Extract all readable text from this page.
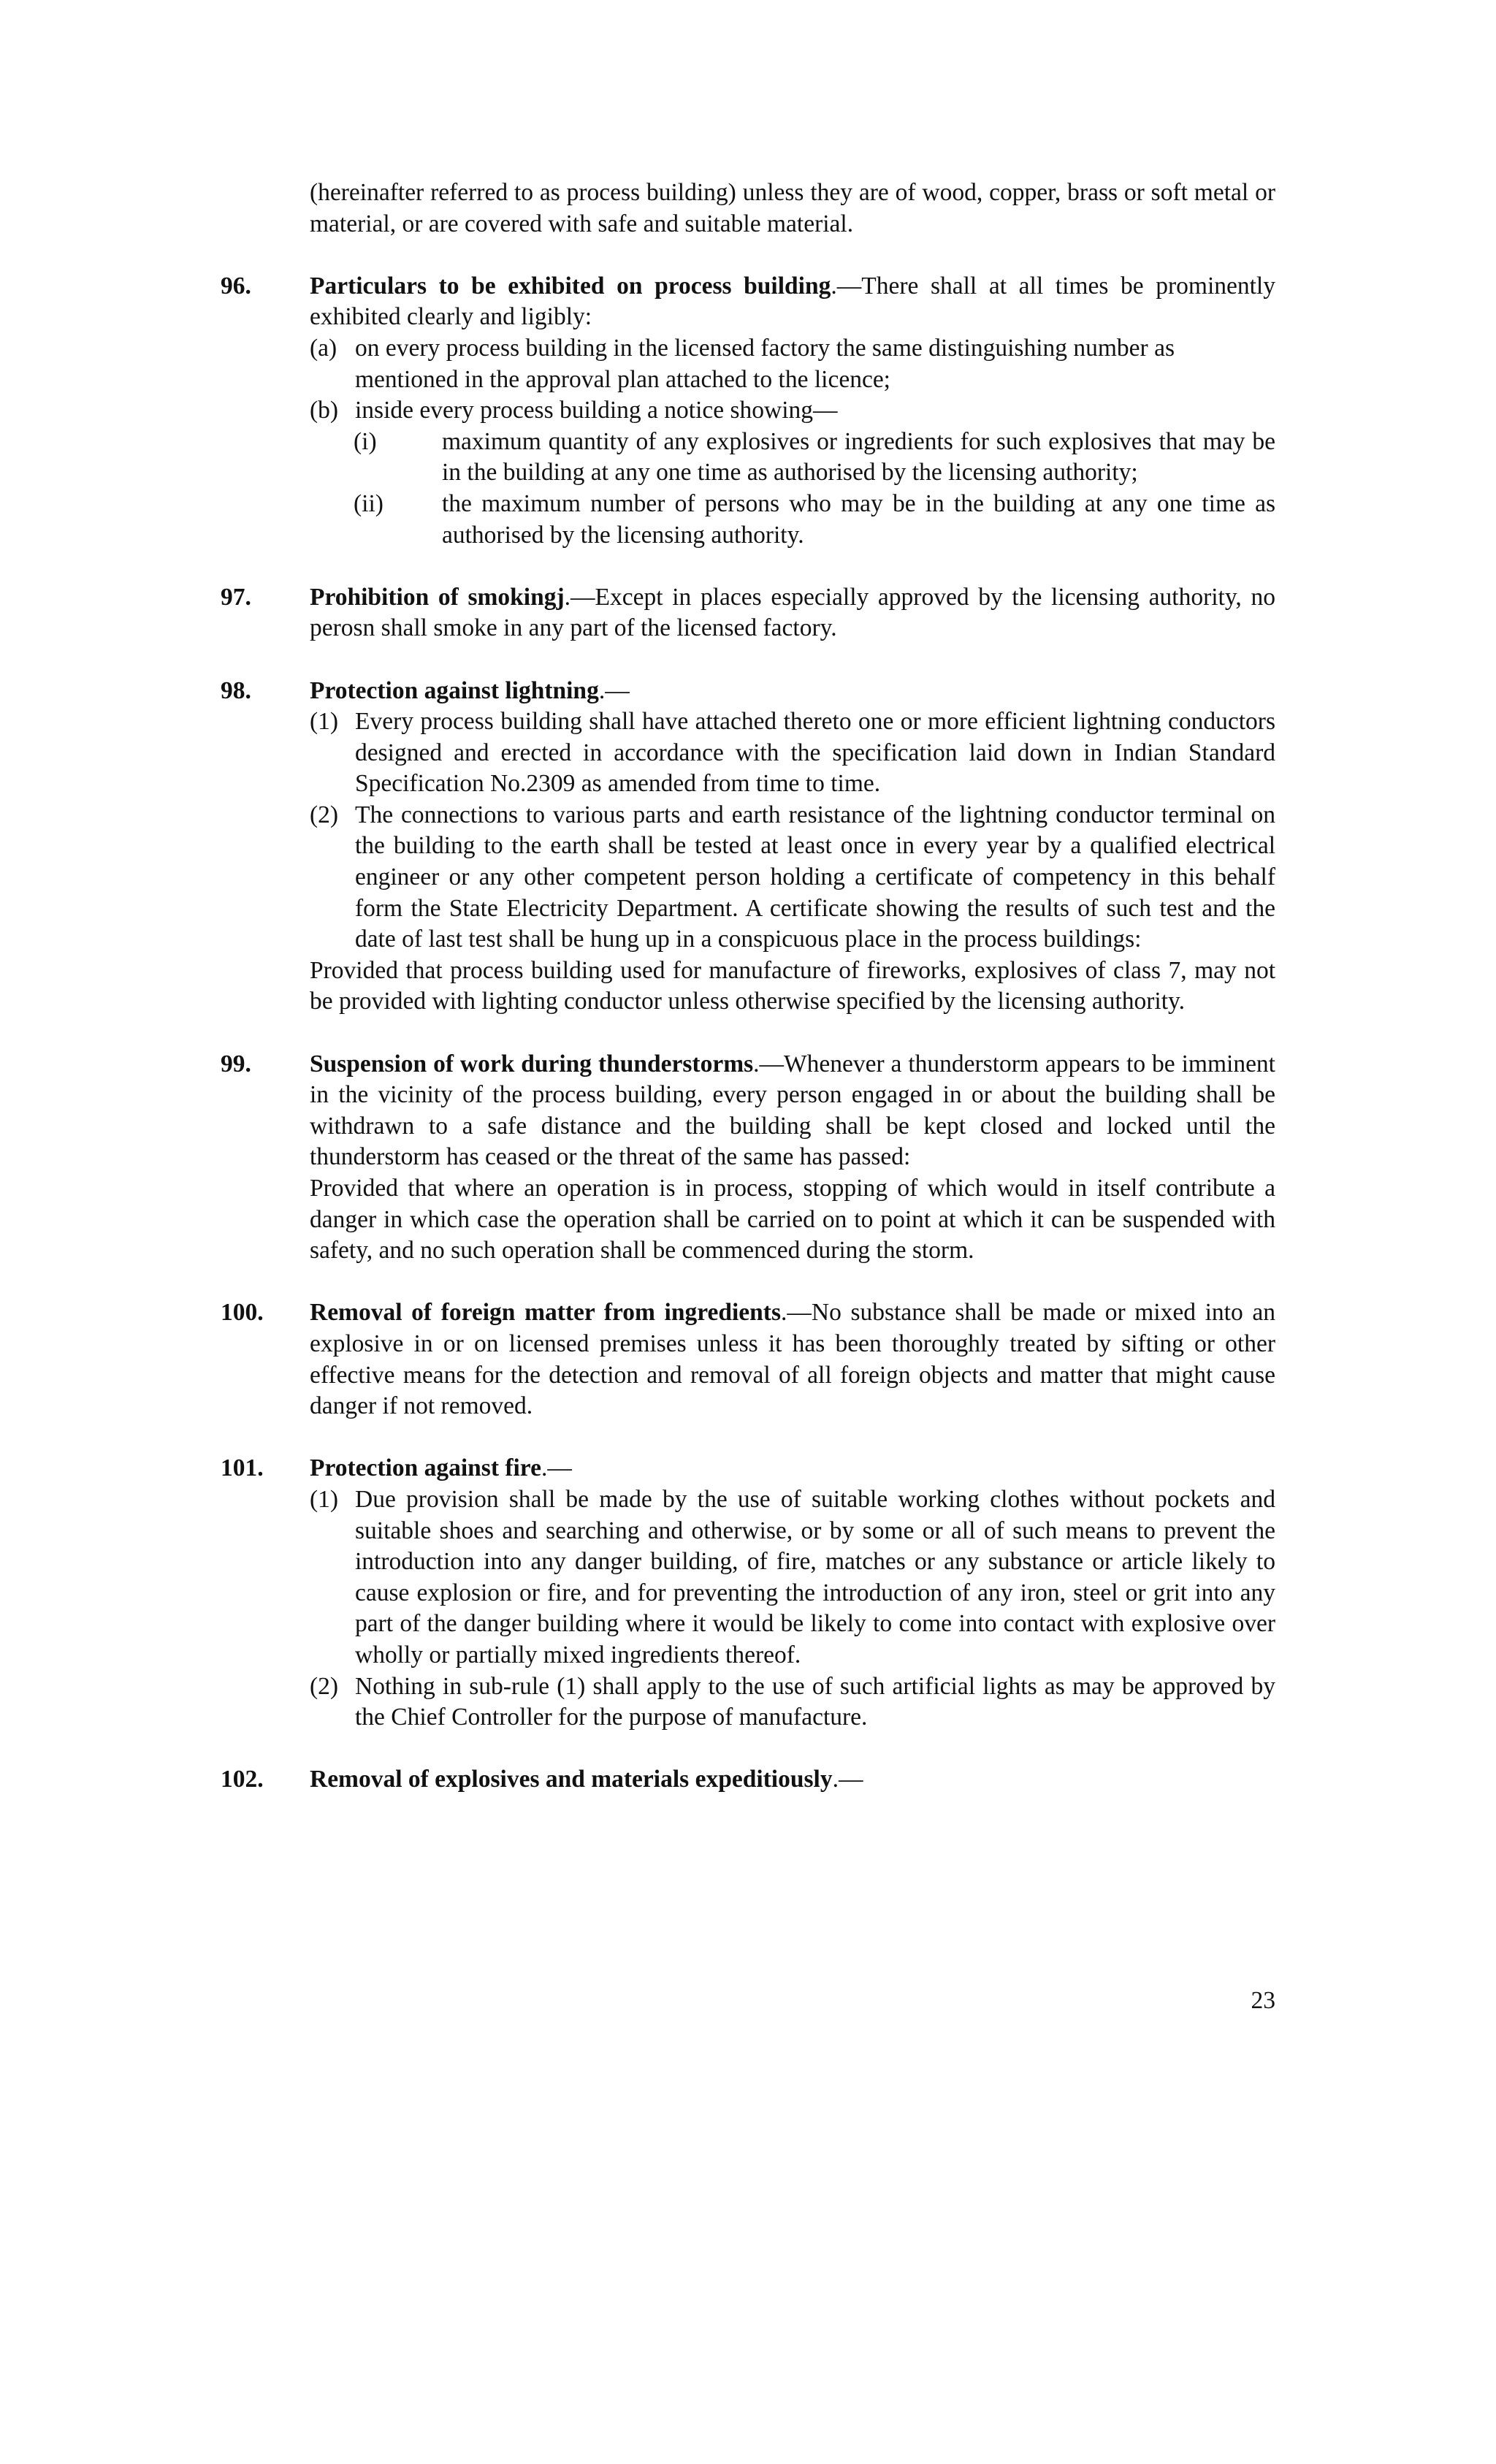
(hereinafter referred to as process building) unless they are of wood, copper, brass or soft metal or material, or are covered with safe and suitable material.

96. Particulars to be exhibited on process building.—There shall at all times be prominently exhibited clearly and ligibly:

(a) on every process building in the licensed factory the same distinguishing number as mentioned in the approval plan attached to the licence;

(b) inside every process building a notice showing—

(i)	maximum quantity of any explosives or ingredients for such explosives that may be in the building at any one time as authorised by the licensing authority;

(ii) the maximum number of persons who may be in the building at any one time as authorised by the licensing authority.

97. Prohibition of smokingj.—Except in places especially approved by the licensing authority, no perosn shall smoke in any part of the licensed factory.

98. Protection against lightning.—

(1) Every process building shall have attached thereto one or more efficient lightning conductors designed and erected in accordance with the specification laid down in Indian Standard Specification No.2309 as amended from time to time.

(2) The connections to various parts and earth resistance of the lightning conductor terminal on the building to the earth shall be tested at least once in every year by a qualified electrical engineer or any other competent person holding a certificate of competency in this behalf form the State Electricity Department. A certificate showing the results of such test and the date of last test shall be hung up in a conspicuous place in the process buildings:

Provided that process building used for manufacture of fireworks, explosives of class 7, may not be provided with lighting conductor unless otherwise specified by the licensing authority.

99. Suspension of work during thunderstorms.—Whenever a thunderstorm appears to be imminent in the vicinity of the process building, every person engaged in or about the building shall be withdrawn to a safe distance and the building shall be kept closed and locked until the thunderstorm has ceased or the threat of the same has passed:

Provided that where an operation is in process, stopping of which would in itself contribute a danger in which case the operation shall be carried on to point at which it can be suspended with safety, and no such operation shall be commenced during the storm.

100. Removal of foreign matter from ingredients.—No substance shall be made or mixed into an explosive in or on licensed premises unless it has been thoroughly treated by sifting or other effective means for the detection and removal of all foreign objects and matter that might cause danger if not removed.

101. Protection against fire.—

(1) Due provision shall be made by the use of suitable working clothes without pockets and suitable shoes and searching and otherwise, or by some or all of such means to prevent the introduction into any danger building, of fire, matches or any substance or article likely to cause explosion or fire, and for preventing the introduction of any iron, steel or grit into any part of the danger building where it would be likely to come into contact with explosive over wholly or partially mixed ingredients thereof.

(2) Nothing in sub-rule (1) shall apply to the use of such artificial lights as may be approved by the Chief Controller for the purpose of manufacture.

102. Removal of explosives and materials expeditiously.—

23
